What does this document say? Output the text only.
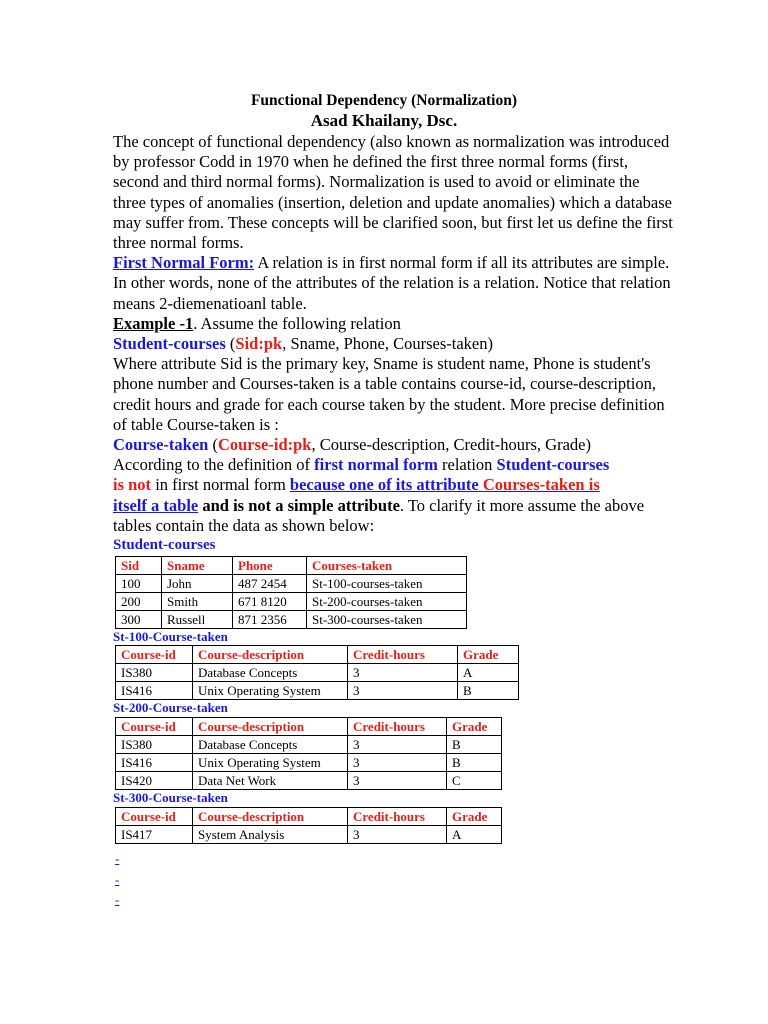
Functional Dependency (Normalization)
Asad Khailany, Dsc.

The concept of functional dependency (also known as normalization was introduced by professor Codd in 1970 when he defined the first three normal forms (first, second and third normal forms). Normalization is used to avoid or eliminate the three types of anomalies (insertion, deletion and update anomalies) which a database may suffer from. These concepts will be clarified soon, but first let us define the first three normal forms.

First Normal Form: A relation is in first normal form if all its attributes are simple. In other words, none of the attributes of the relation is a relation. Notice that relation means 2-diemenatioanl table.

Example -1. Assume the following relation

Student-courses (Sid:pk, Sname, Phone, Courses-taken)

Where attribute Sid is the primary key, Sname is student name, Phone is student's phone number and Courses-taken is a table contains course-id, course-description, credit hours and grade for each course taken by the student. More precise definition of table Course-taken is :

Course-taken (Course-id:pk, Course-description, Credit-hours, Grade)

According to the definition of first normal form relation Student-courses
is not in first normal form because one of its attribute Courses-taken is
itself a table and is not a simple attribute. To clarify it more assume the above tables contain the data as shown below:

Student-courses
Sid	Sname	Phone	Courses-taken
100	John	487 2454	St-100-courses-taken
200	Smith	671 8120	St-200-courses-taken
300	Russell	871 2356	St-300-courses-taken
St-100-Course-taken
Course-id	Course-description	Credit-hours	Grade
IS380	Database Concepts	3	A
IS416	Unix Operating System	3	B
St-200-Course-taken
Course-id	Course-description	Credit-hours	Grade
IS380	Database Concepts	3	B
IS416	Unix Operating System	3	B
IS420	Data Net Work	3	C
St-300-Course-taken
Course-id	Course-description	Credit-hours	Grade
IS417	System Analysis	3	A
-
-
-
